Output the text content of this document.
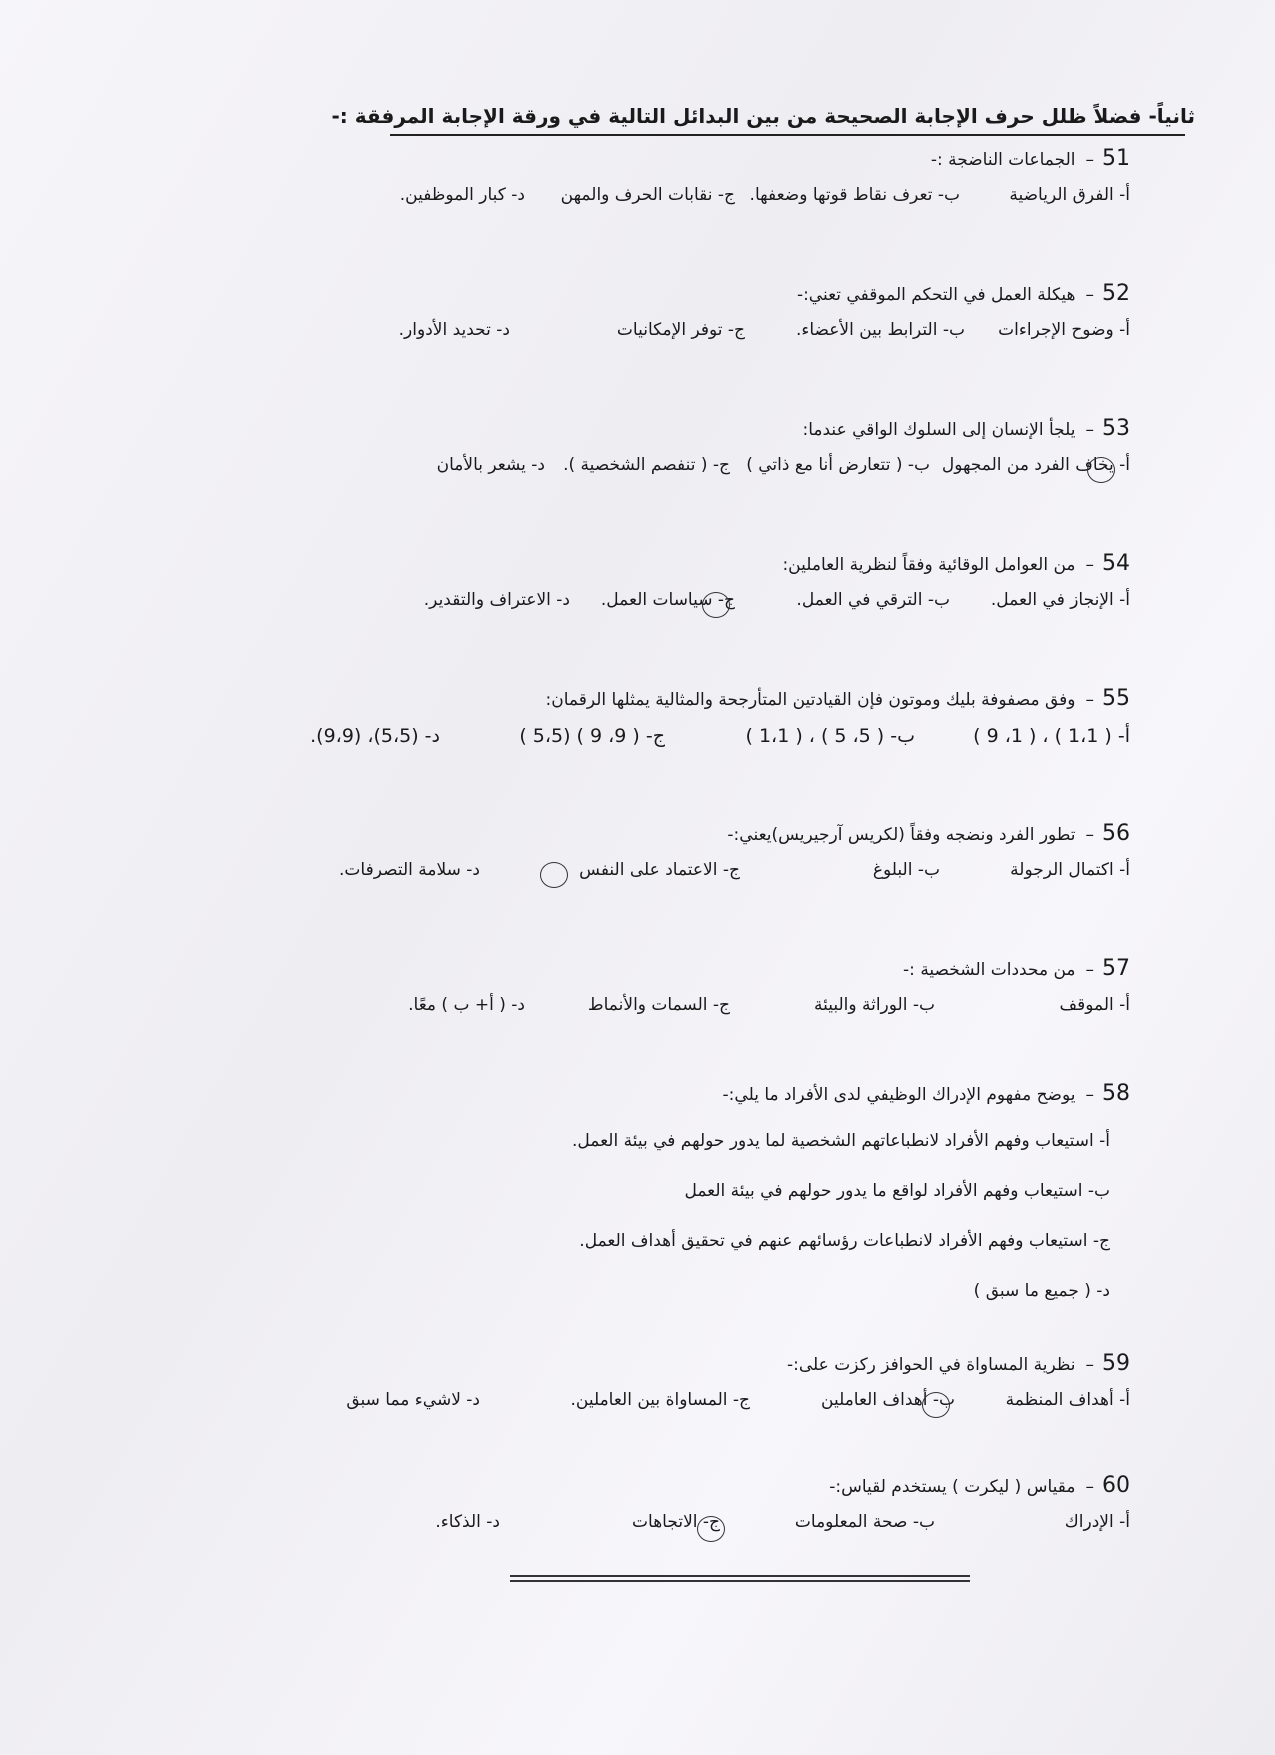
ثانياً- فضلاً ظلل حرف الإجابة الصحيحة من بين البدائل التالية في ورقة الإجابة المرفقة :-
51–الجماعات الناضجة :-
أ- الفرق الرياضية
ب- تعرف نقاط قوتها وضعفها.
ج- نقابات الحرف والمهن
د- كبار الموظفين.
52–هيكلة العمل في التحكم الموقفي تعني:-
أ- وضوح الإجراءات
ب- الترابط بين الأعضاء.
ج- توفر الإمكانيات
د- تحديد الأدوار.
53–يلجأ الإنسان إلى السلوك الواقي عندما:
أ- يخاف الفرد من المجهول
ب- ( تتعارض أنا مع ذاتي )
ج- ( تنفصم الشخصية ).
د- يشعر بالأمان
54–من العوامل الوقائية وفقاً لنظرية العاملين:
أ- الإنجاز في العمل.
ب- الترقي في العمل.
ج- سياسات العمل.
د- الاعتراف والتقدير.
55–وفق مصفوفة بليك وموتون فإن القيادتين المتأرجحة والمثالية يمثلها الرقمان:
أ- ( 1،1 ) ، ( 1، 9 )
ب- ( 5، 5 ) ، ( 1،1 )
ج- ( 9، 9 ) (5،5 )
د- (5،5)، (9،9).
56–تطور الفرد ونضجه وفقاً (لكريس آرجيريس)يعني:-
أ- اكتمال الرجولة
ب- البلوغ
ج- الاعتماد على النفس
د- سلامة التصرفات.
57–من محددات الشخصية :-
أ- الموقف
ب- الوراثة والبيئة
ج- السمات والأنماط
د- ( أ+ ب ) معًا.
58–يوضح مفهوم الإدراك الوظيفي لدى الأفراد ما يلي:-
أ- استيعاب وفهم الأفراد لانطباعاتهم الشخصية لما يدور حولهم في بيئة العمل.
ب- استيعاب وفهم الأفراد لواقع ما يدور حولهم في بيئة العمل
ج- استيعاب وفهم الأفراد لانطباعات رؤسائهم عنهم في تحقيق أهداف العمل.
د- ( جميع ما سبق )
59–نظرية المساواة في الحوافز ركزت على:-
أ- أهداف المنظمة
ب- أهداف العاملين
ج- المساواة بين العاملين.
د- لاشيء مما سبق
60–مقياس ( ليكرت ) يستخدم لقياس:-
أ- الإدراك
ب- صحة المعلومات
ج- الاتجاهات
د- الذكاء.
